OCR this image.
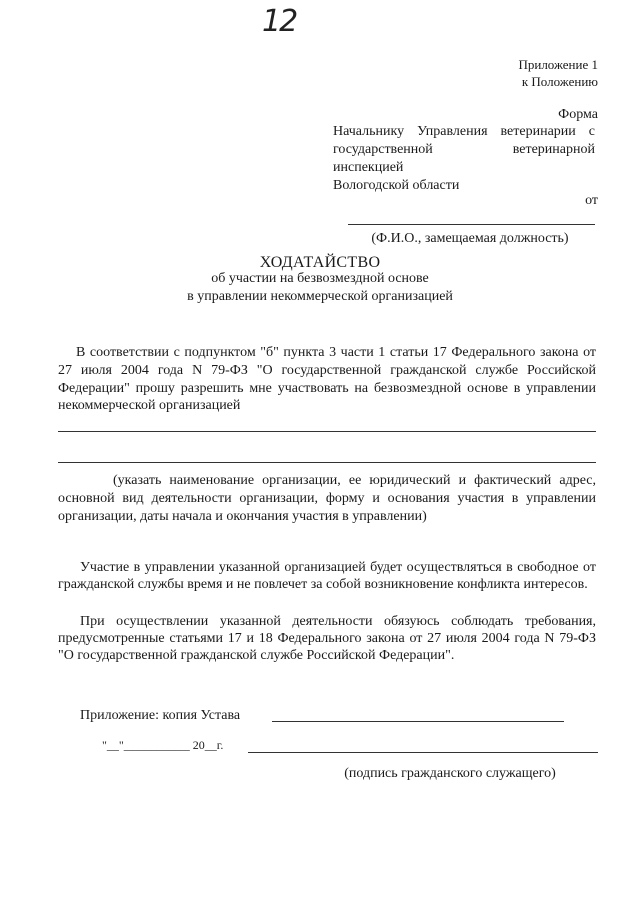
12
Приложение 1
к Положению
Форма
Начальнику Управления ветеринарии с
государственной ветеринарной
инспекцией
Вологодской области
от
(Ф.И.О., замещаемая должность)
ХОДАТАЙСТВО
об участии на безвозмездной основе
в управлении некоммерческой организацией
В соответствии с подпунктом "б" пункта 3 части 1 статьи 17 Федерального закона от 27 июля 2004 года N 79-ФЗ "О государственной гражданской службе Российской Федерации" прошу разрешить мне участвовать на безвозмездной основе в управлении некоммерческой организацией
(указать наименование организации, ее юридический и фактический адрес, основной вид деятельности организации, форму и основания участия в управлении организации, даты начала и окончания участия в управлении)
Участие в управлении указанной организацией будет осуществляться в свободное от гражданской службы время и не повлечет за собой возникновение конфликта интересов.
При осуществлении указанной деятельности обязуюсь соблюдать требования, предусмотренные статьями 17 и 18 Федерального закона от 27 июля 2004 года N 79-ФЗ "О государственной гражданской службе Российской Федерации".
Приложение: копия Устава
"__"___________ 20__г.
(подпись гражданского служащего)
